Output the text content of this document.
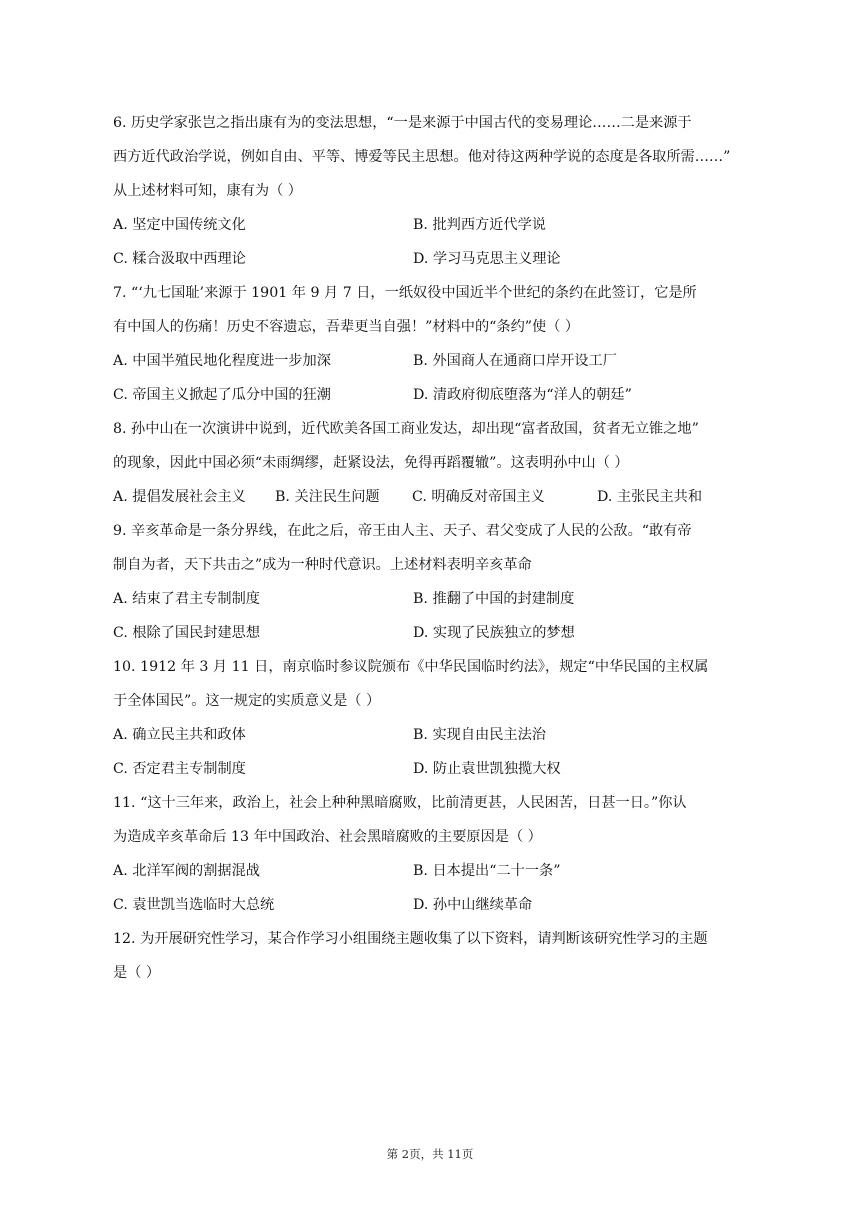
6. 历史学家张岂之指出康有为的变法思想，“一是来源于中国古代的变易理论……二是来源于
西方近代政治学说，例如自由、平等、博爱等民主思想。他对待这两种学说的态度是各取所需……”
从上述材料可知，康有为（ ）
A. 坚定中国传统文化	B. 批判西方近代学说
C. 糅合汲取中西理论	D. 学习马克思主义理论
7. “‘九七国耻’来源于 1901 年 9 月 7 日，一纸奴役中国近半个世纪的条约在此签订，它是所
有中国人的伤痛！历史不容遗忘，吾辈更当自强！”材料中的“条约”使（ ）
A. 中国半殖民地化程度进一步加深	B. 外国商人在通商口岸开设工厂
C. 帝国主义掀起了瓜分中国的狂潮	D. 清政府彻底堕落为“洋人的朝廷”
8. 孙中山在一次演讲中说到，近代欧美各国工商业发达，却出现“富者敌国，贫者无立锥之地”
的现象，因此中国必须“未雨绸缪，赶紧设法，免得再蹈覆辙”。这表明孙中山（ ）
A. 提倡发展社会主义	B. 关注民生问题	C. 明确反对帝国主义	D. 主张民主共和
9. 辛亥革命是一条分界线，在此之后，帝王由人主、天子、君父变成了人民的公敌。“敢有帝
制自为者，天下共击之”成为一种时代意识。上述材料表明辛亥革命
A. 结束了君主专制制度	B. 推翻了中国的封建制度
C. 根除了国民封建思想	D. 实现了民族独立的梦想
10. 1912 年 3 月 11 日，南京临时参议院颁布《中华民国临时约法》，规定“中华民国的主权属
于全体国民”。这一规定的实质意义是（ ）
A. 确立民主共和政体	B. 实现自由民主法治
C. 否定君主专制制度	D. 防止袁世凯独揽大权
11. “这十三年来，政治上，社会上种种黑暗腐败，比前清更甚，人民困苦，日甚一日。”你认
为造成辛亥革命后 13 年中国政治、社会黑暗腐败的主要原因是（ ）
A. 北洋军阀的割据混战	B. 日本提出“二十一条”
C. 袁世凯当选临时大总统	D. 孙中山继续革命
12. 为开展研究性学习，某合作学习小组围绕主题收集了以下资料，请判断该研究性学习的主题
是（ ）
第 2页，共 11页
